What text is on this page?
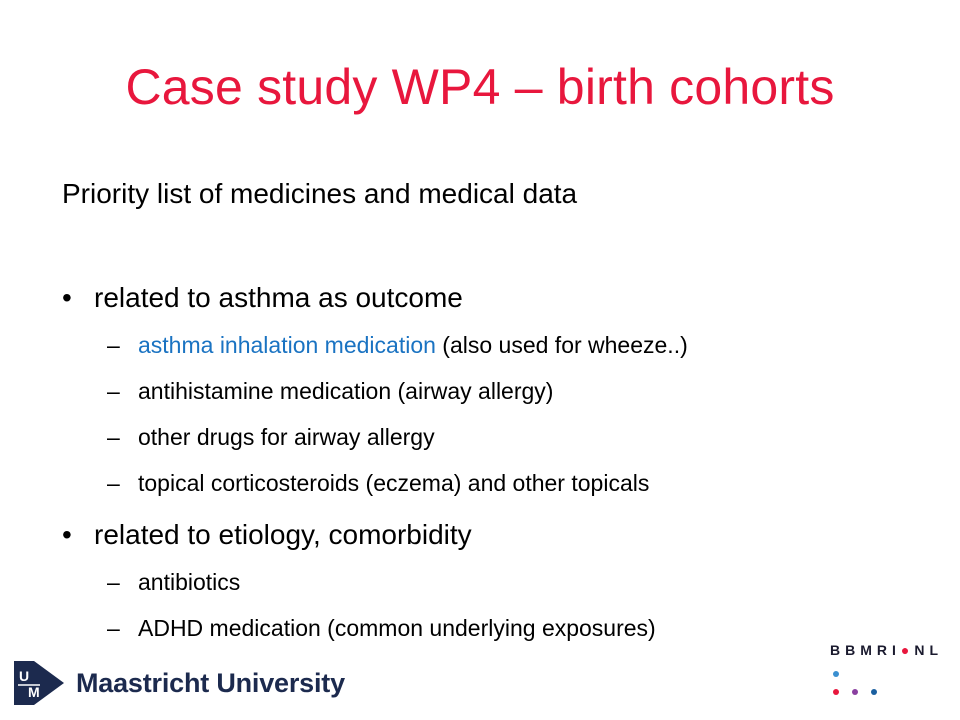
Case study WP4 – birth cohorts
Priority list of medicines and medical data
• related to asthma as outcome
– asthma inhalation medication (also used for wheeze..)
– antihistamine medication (airway allergy)
– other drugs for airway allergy
– topical corticosteroids (eczema) and other topicals
• related to etiology, comorbidity
– antibiotics
– ADHD medication (common underlying exposures)
U
M Maastricht University
BBMRI●NL
